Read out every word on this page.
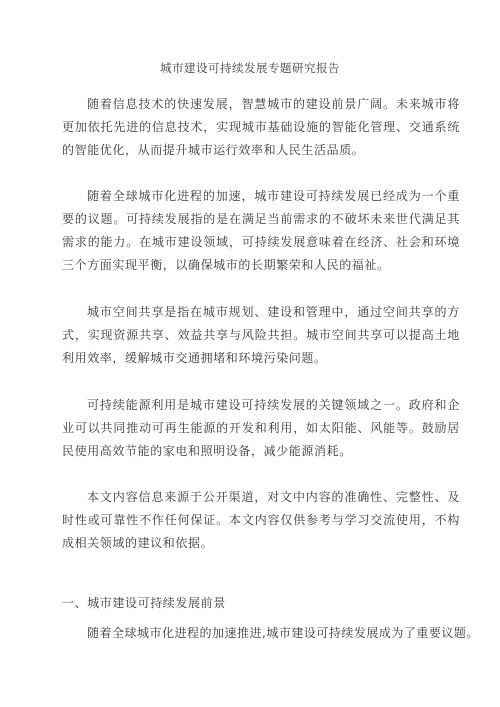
城市建设可持续发展专题研究报告

随着信息技术的快速发展，智慧城市的建设前景广阔。未来城市将更加依托先进的信息技术，实现城市基础设施的智能化管理、交通系统的智能优化，从而提升城市运行效率和人民生活品质。

随着全球城市化进程的加速，城市建设可持续发展已经成为一个重要的议题。可持续发展指的是在满足当前需求的不破坏未来世代满足其需求的能力。在城市建设领域，可持续发展意味着在经济、社会和环境三个方面实现平衡，以确保城市的长期繁荣和人民的福祉。

城市空间共享是指在城市规划、建设和管理中，通过空间共享的方式，实现资源共享、效益共享与风险共担。城市空间共享可以提高土地利用效率，缓解城市交通拥堵和环境污染问题。

可持续能源利用是城市建设可持续发展的关键领域之一。政府和企业可以共同推动可再生能源的开发和利用，如太阳能、风能等。鼓励居民使用高效节能的家电和照明设备，减少能源消耗。

本文内容信息来源于公开渠道，对文中内容的准确性、完整性、及时性或可靠性不作任何保证。本文内容仅供参考与学习交流使用，不构成相关领域的建议和依据。

一、城市建设可持续发展前景

随着全球城市化进程的加速推进,城市建设可持续发展成为了重要议题。
